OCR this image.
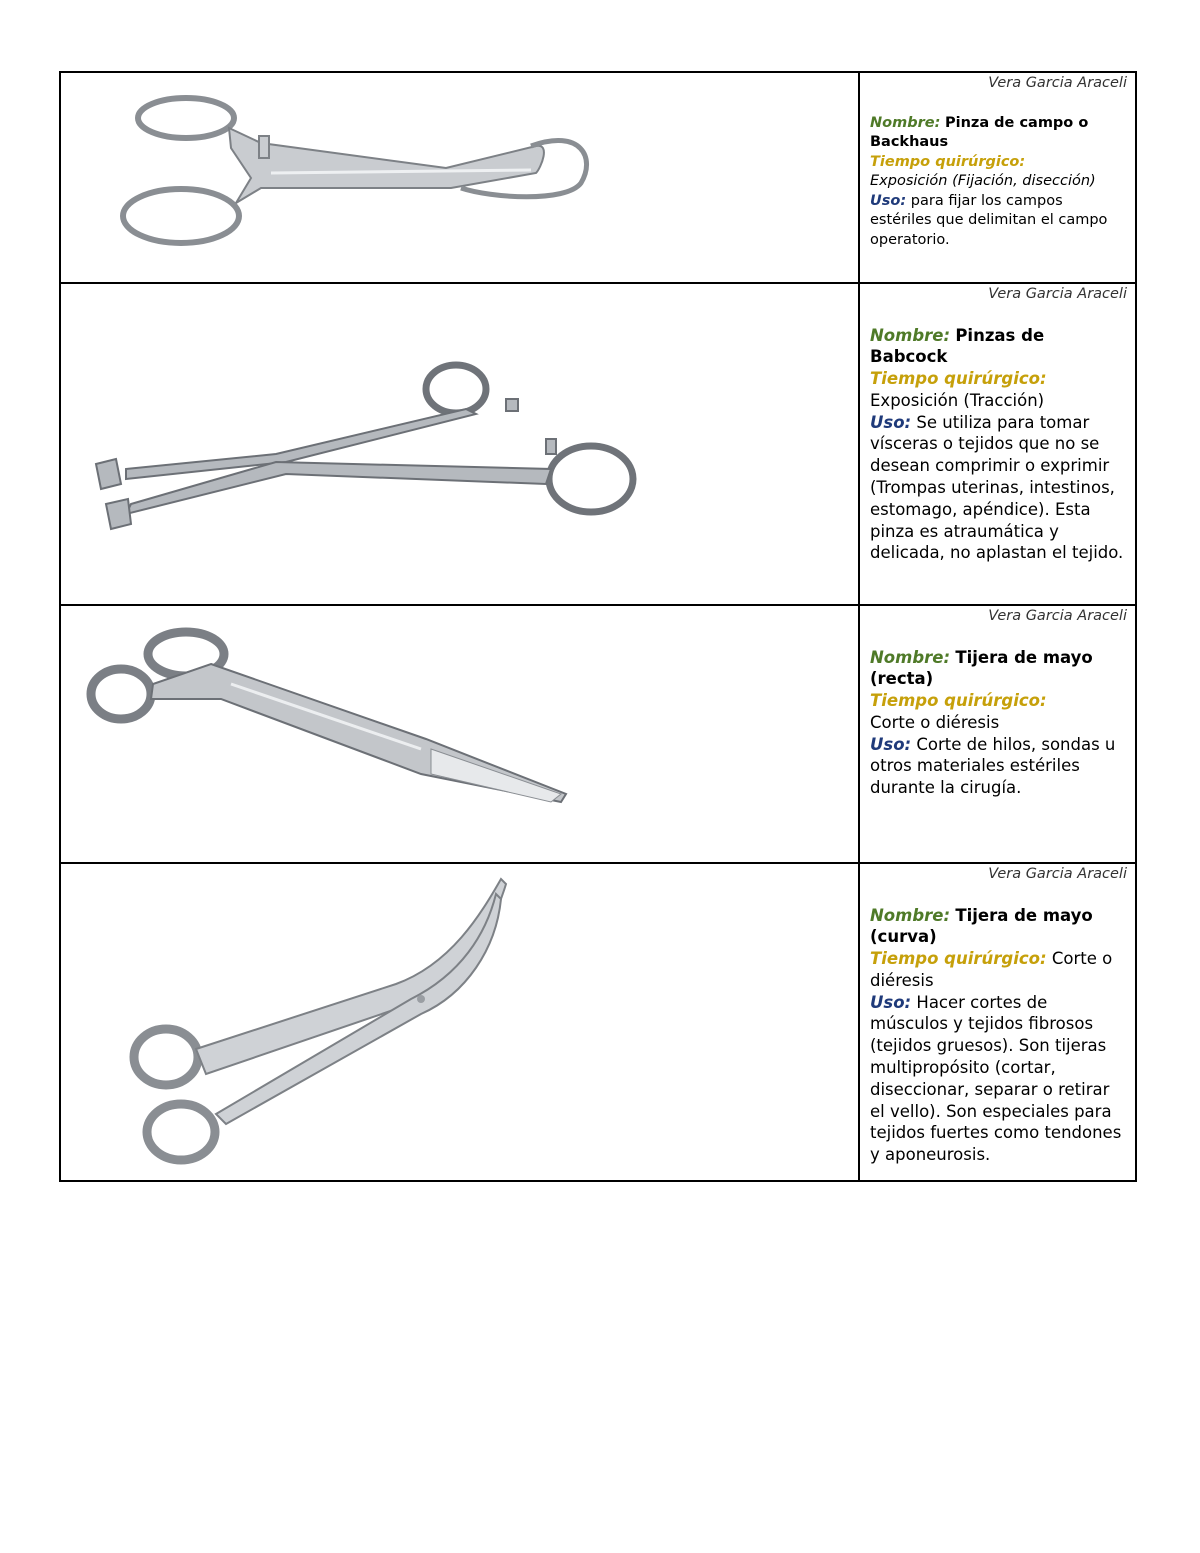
Vera Garcia Araceli
Nombre: Pinza de campo o Backhaus
Tiempo quirúrgico:
Exposición (Fijación, disección)
Uso: para fijar los campos estériles que delimitan el campo operatorio.

Vera Garcia Araceli
Nombre: Pinzas de Babcock
Tiempo quirúrgico:
Exposición (Tracción)
Uso: Se utiliza para tomar vísceras o tejidos que no se desean comprimir o exprimir (Trompas uterinas, intestinos, estomago, apéndice). Esta pinza es atraumática y delicada, no aplastan el tejido.

Vera Garcia Araceli
Nombre: Tijera de mayo (recta)
Tiempo quirúrgico:
Corte o diéresis
Uso: Corte de hilos, sondas u otros materiales estériles durante la cirugía.

Vera Garcia Araceli
Nombre: Tijera de mayo (curva)
Tiempo quirúrgico: Corte o diéresis
Uso: Hacer cortes de músculos y tejidos fibrosos (tejidos gruesos). Son tijeras multipropósito (cortar, diseccionar, separar o retirar el vello). Son especiales para tejidos fuertes como tendones y aponeurosis.
